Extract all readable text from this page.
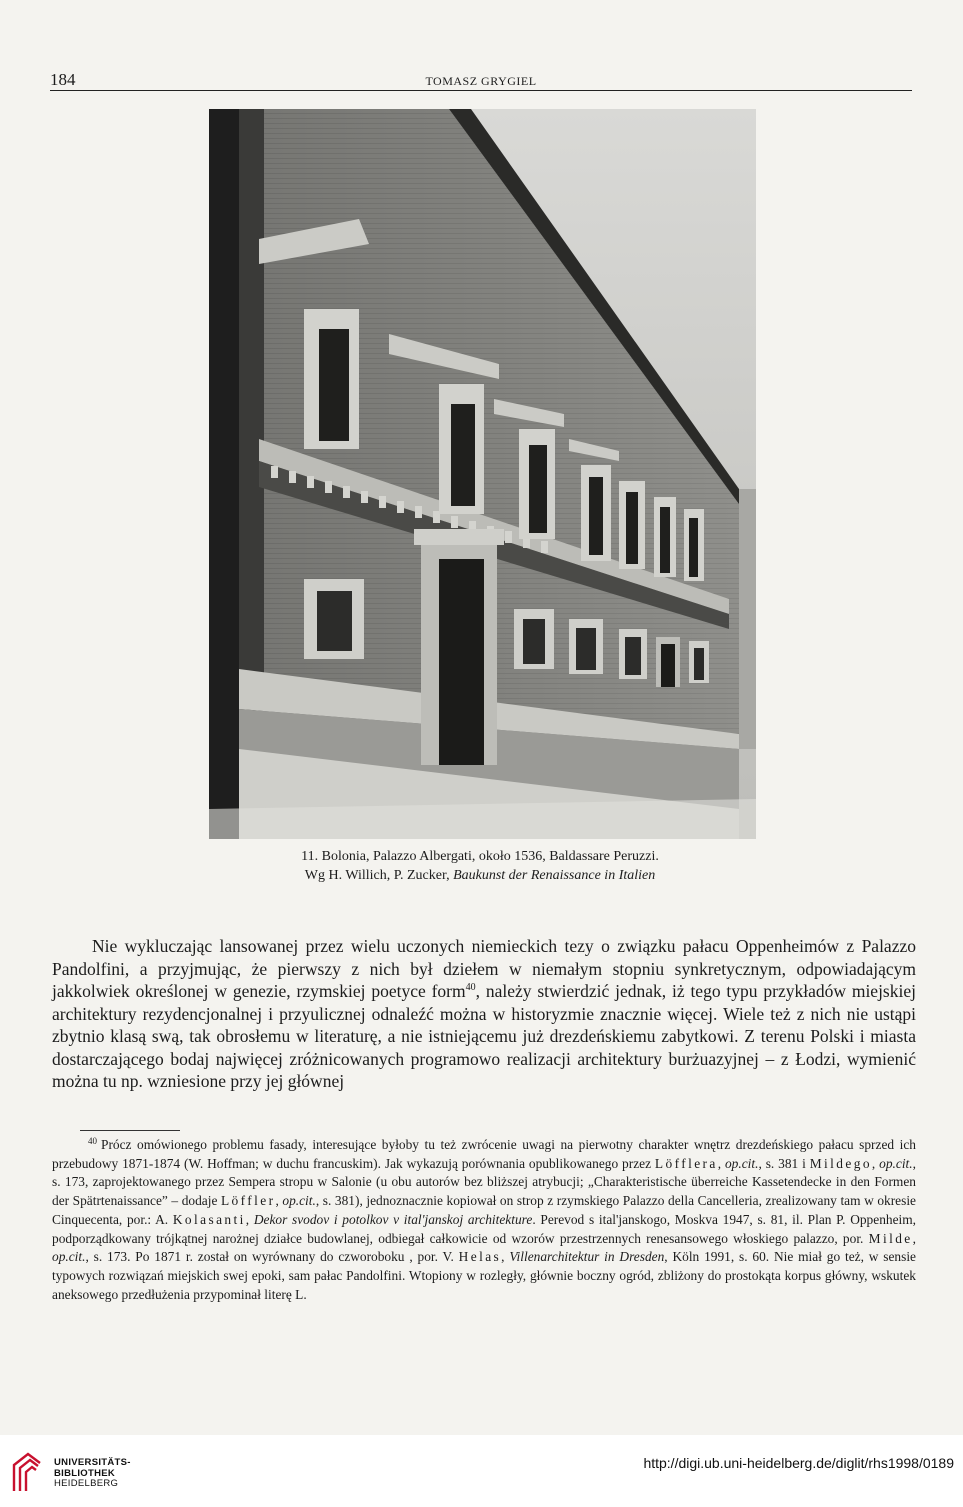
184	TOMASZ GRYGIEL
11. Bolonia, Palazzo Albergati, około 1536, Baldassare Peruzzi.
Wg H. Willich, P. Zucker, Baukunst der Renaissance in Italien

Nie wykluczając lansowanej przez wielu uczonych niemieckich tezy o związku pałacu Oppenheimów z Palazzo Pandolfini, a przyjmując, że pierwszy z nich był dziełem w niemałym stopniu synkretycznym, odpowiadającym jakkolwiek określonej w genezie, rzymskiej poetyce form$^{40}$, należy stwierdzić jednak, iż tego typu przykładów miejskiej architektury rezydencjonalnej i przyulicznej odnaleźć można w historyzmie znacznie więcej. Wiele też z nich nie ustąpi zbytnio klasą swą, tak obrosłemu w literaturę, a nie istniejącemu już drezdeńskiemu zabytkowi. Z terenu Polski i miasta dostarczającego bodaj najwięcej zróżnicowanych programowo realizacji architektury burżuazyjnej – z Łodzi, wymienić można tu np. wzniesione przy jej głównej

$^{40}$ Prócz omówionego problemu fasady, interesujące byłoby tu też zwrócenie uwagi na pierwotny charakter wnętrz drezdeńskiego pałacu sprzed ich przebudowy 1871-1874 (W. Hoffman; w duchu francuskim). Jak wykazują porównania opublikowanego przez Löfflera, op.cit., s. 381 i Mildego, op.cit., s. 173, zaprojektowanego przez Sempera stropu w Salonie (u obu autorów bez bliższej atrybucji; „Charakteristische überreiche Kassetendecke in den Formen der Spätrtenaissance” – dodaje Löffler, op.cit., s. 381), jednoznacznie kopiował on strop z rzymskiego Palazzo della Cancelleria, zrealizowany tam w okresie Cinquecenta, por.: A. Kolasanti, Dekor svodov i potolkov v ital'janskoj architekture. Perevod s ital'janskogo, Moskva 1947, s. 81, il. Plan P. Oppenheim, podporządkowany trójkątnej narożnej działce budowlanej, odbiegał całkowicie od wzorów przestrzennych renesansowego włoskiego palazzo, por. Milde, op.cit., s. 173. Po 1871 r. został on wyrównany do czworoboku , por. V. Helas, Villenarchitektur in Dresden, Köln 1991, s. 60. Nie miał go też, w sensie typowych rozwiązań miejskich swej epoki, sam pałac Pandolfini. Wtopiony w rozległy, głównie boczny ogród, zbliżony do prostokąta korpus główny, wskutek aneksowego przedłużenia przypominał literę L.

UNIVERSITÄTS-
BIBLIOTHEK
HEIDELBERG
http://digi.ub.uni-heidelberg.de/diglit/rhs1998/0189
